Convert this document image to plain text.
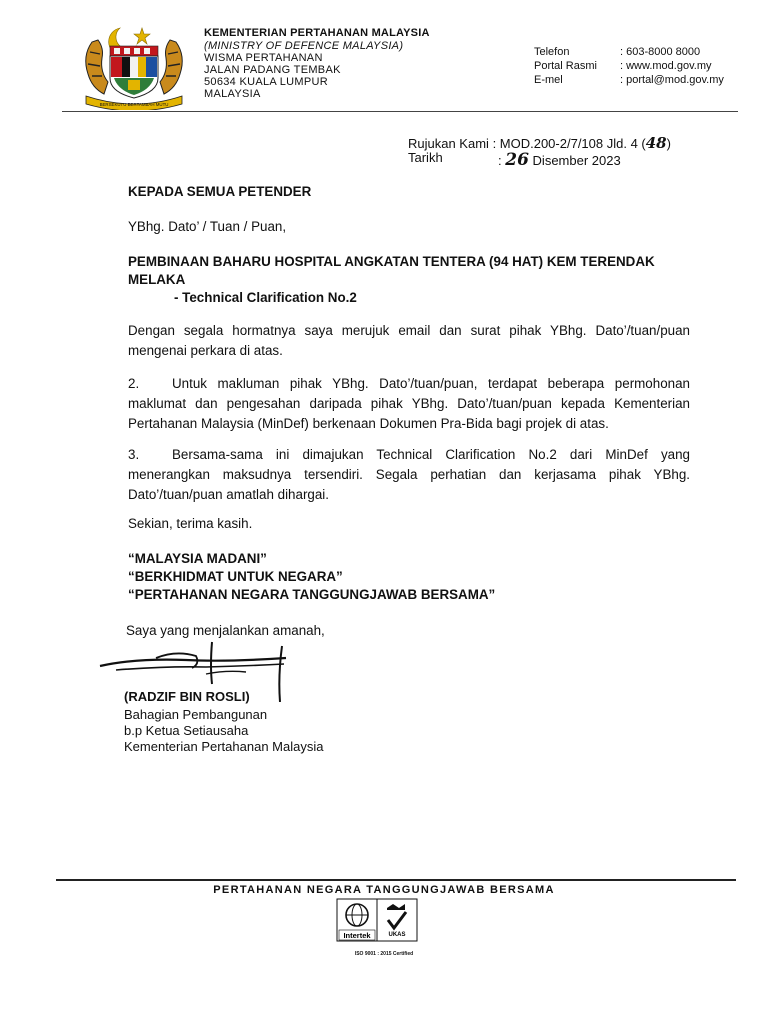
BERSEKUTU BERTAMBAH MUTU
KEMENTERIAN PERTAHANAN MALAYSIA
(MINISTRY OF DEFENCE MALAYSIA)
WISMA PERTAHANAN
JALAN PADANG TEMBAK
50634 KUALA LUMPUR
MALAYSIA
Telefon	: 603-8000 8000
Portal Rasmi : www.mod.gov.my
E-mel	: portal@mod.gov.my
Rujukan Kami : MOD.200-2/7/108 Jld. 4 (48)
Tarikh	: 26 Disember 2023
KEPADA SEMUA PETENDER
YBhg. Dato’ / Tuan / Puan,
PEMBINAAN BAHARU HOSPITAL ANGKATAN TENTERA (94 HAT) KEM TERENDAK
MELAKA
- Technical Clarification No.2
Dengan segala hormatnya saya merujuk email dan surat pihak YBhg. Dato’/tuan/puan mengenai perkara di atas.
2. Untuk makluman pihak YBhg. Dato’/tuan/puan, terdapat beberapa permohonan maklumat dan pengesahan daripada pihak YBhg. Dato’/tuan/puan kepada Kementerian Pertahanan Malaysia (MinDef) berkenaan Dokumen Pra-Bida bagi projek di atas.
3. Bersama-sama ini dimajukan Technical Clarification No.2 dari MinDef yang menerangkan maksudnya tersendiri. Segala perhatian dan kerjasama pihak YBhg. Dato’/tuan/puan amatlah dihargai.
Sekian, terima kasih.
“MALAYSIA MADANI”
“BERKHIDMAT UNTUK NEGARA”
“PERTAHANAN NEGARA TANGGUNGJAWAB BERSAMA”
Saya yang menjalankan amanah,
(RADZIF BIN ROSLI)
Bahagian Pembangunan
b.p Ketua Setiausaha
Kementerian Pertahanan Malaysia
PERTAHANAN NEGARA TANGGUNGJAWAB BERSAMA
Intertek	UKAS
ISO 9001 : 2015 Certified
